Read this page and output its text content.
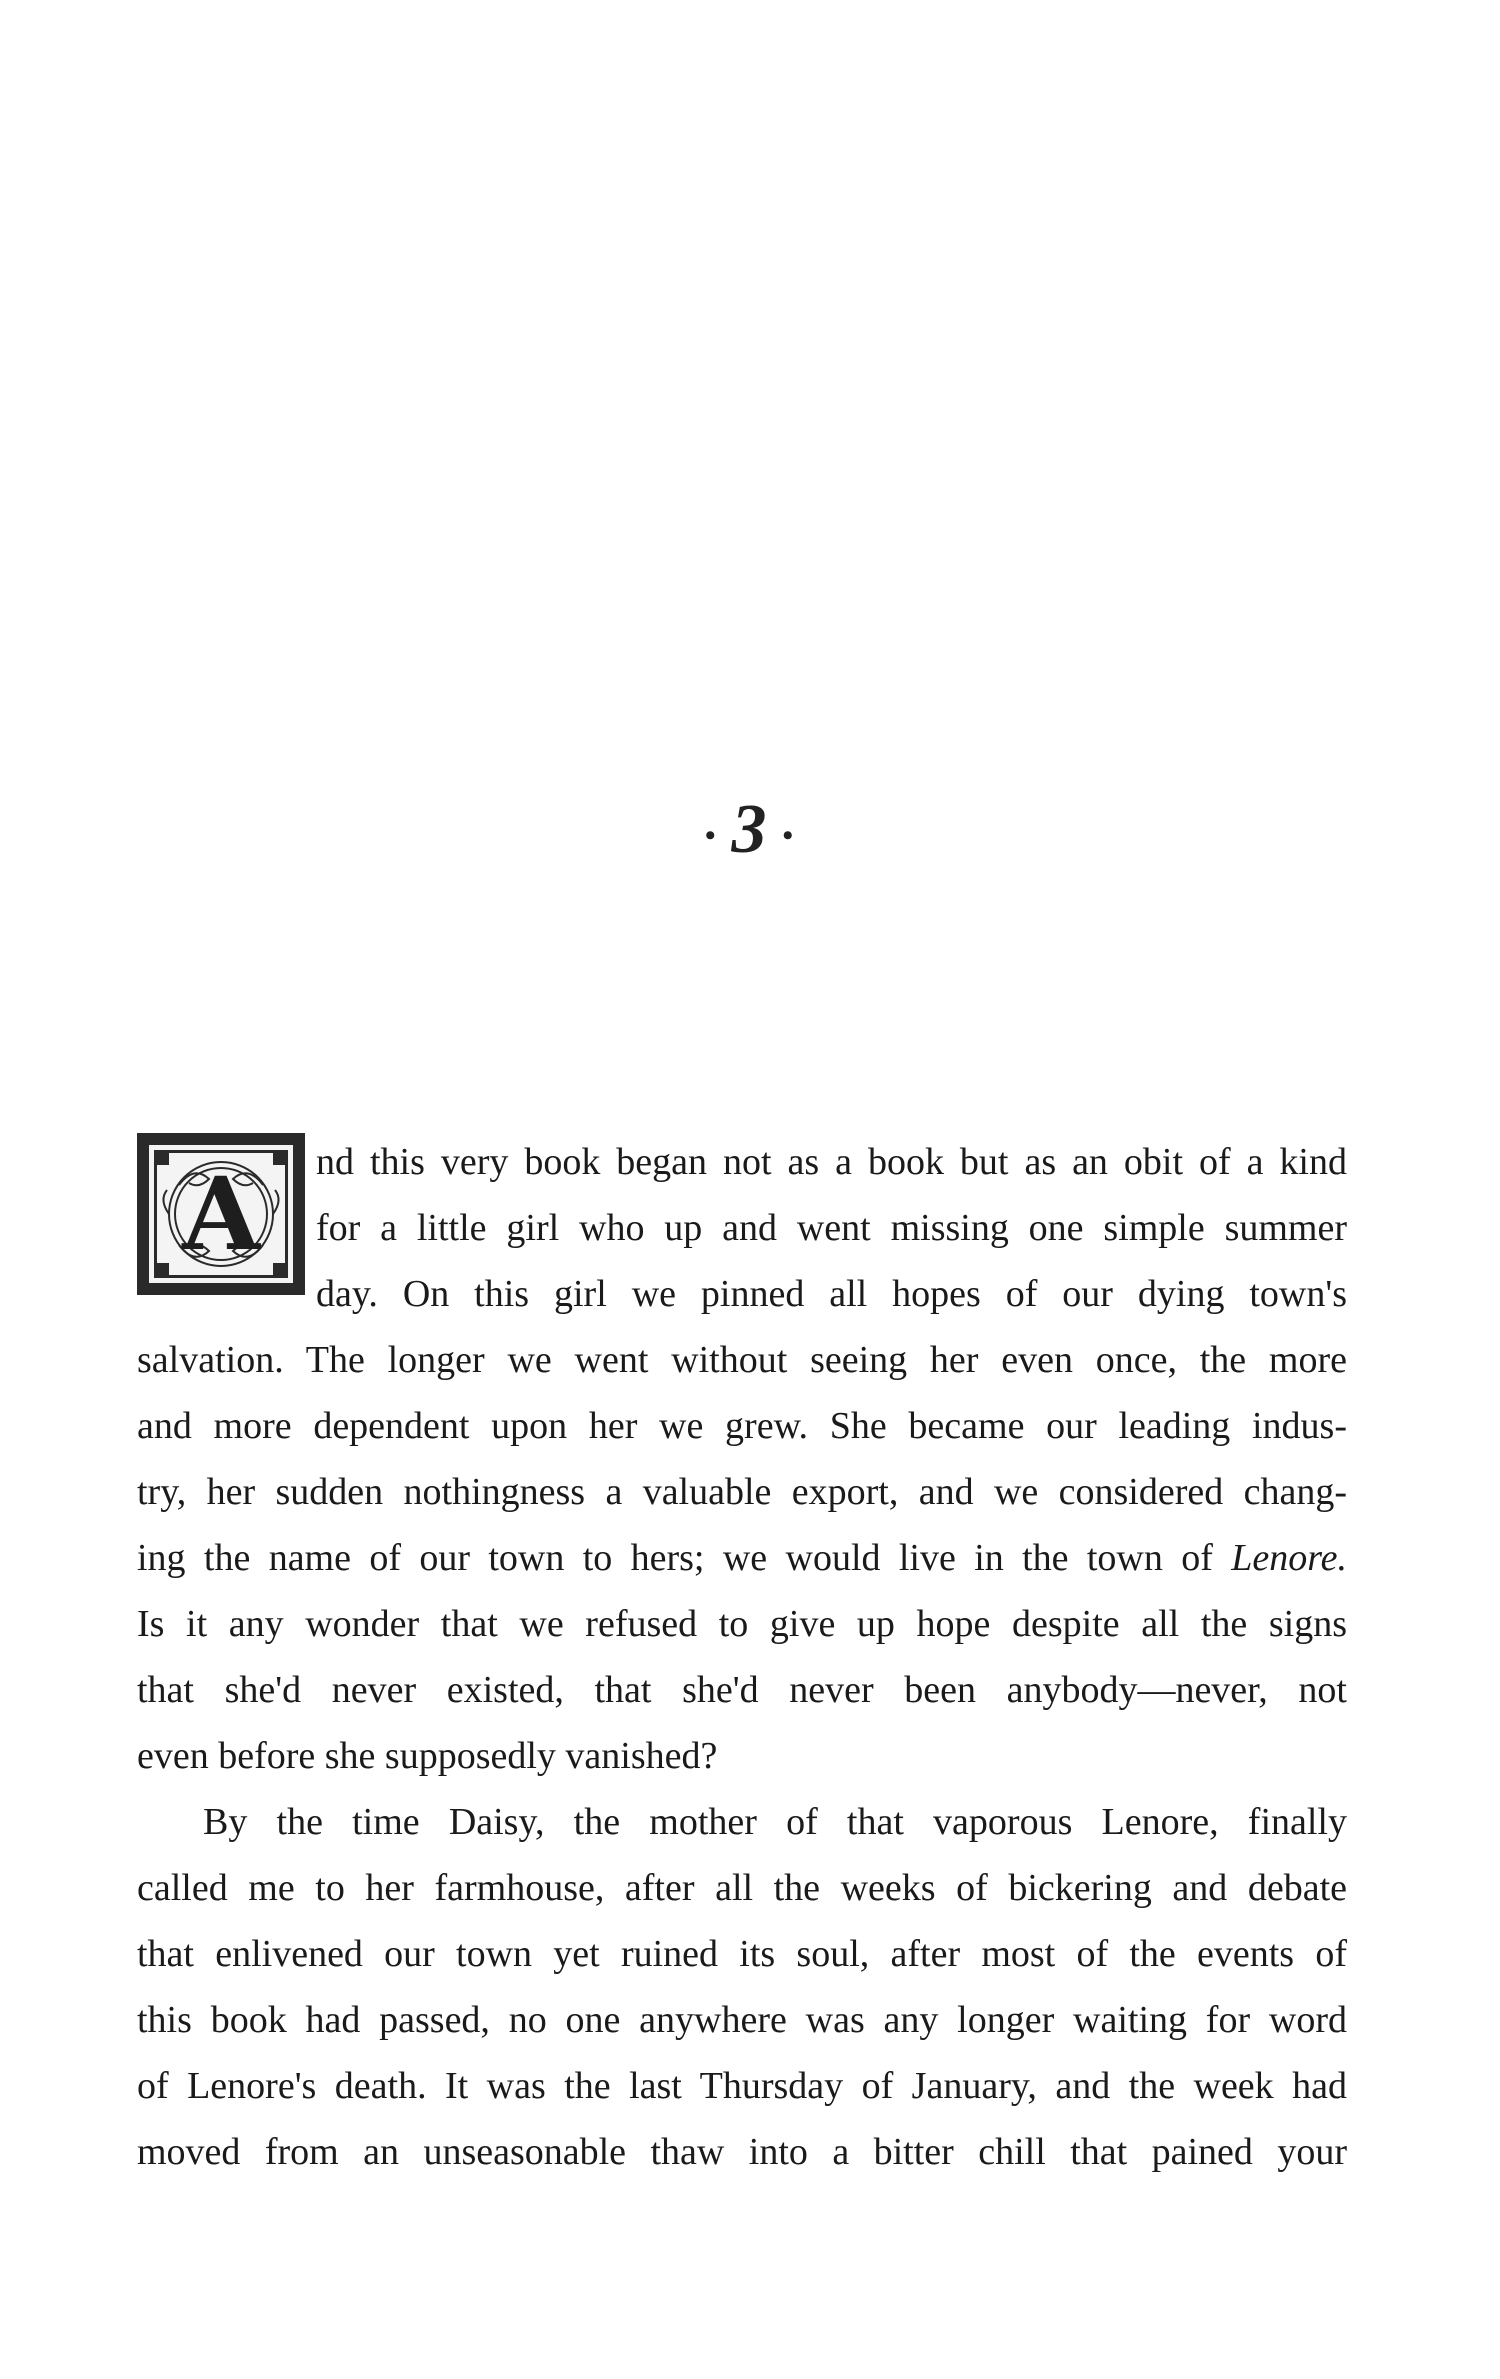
• 3 •
A	nd this very book began not as a book but as an obit of a kind
for a little girl who up and went missing one simple summer
day. On this girl we pinned all hopes of our dying town's
salvation. The longer we went without seeing her even once, the more
and more dependent upon her we grew. She became our leading indus-
try, her sudden nothingness a valuable export, and we considered chang-
ing the name of our town to hers; we would live in the town of Lenore.
Is it any wonder that we refused to give up hope despite all the signs
that she'd never existed, that she'd never been anybody—never, not
even before she supposedly vanished?
By the time Daisy, the mother of that vaporous Lenore, finally
called me to her farmhouse, after all the weeks of bickering and debate
that enlivened our town yet ruined its soul, after most of the events of
this book had passed, no one anywhere was any longer waiting for word
of Lenore's death. It was the last Thursday of January, and the week had
moved from an unseasonable thaw into a bitter chill that pained your
